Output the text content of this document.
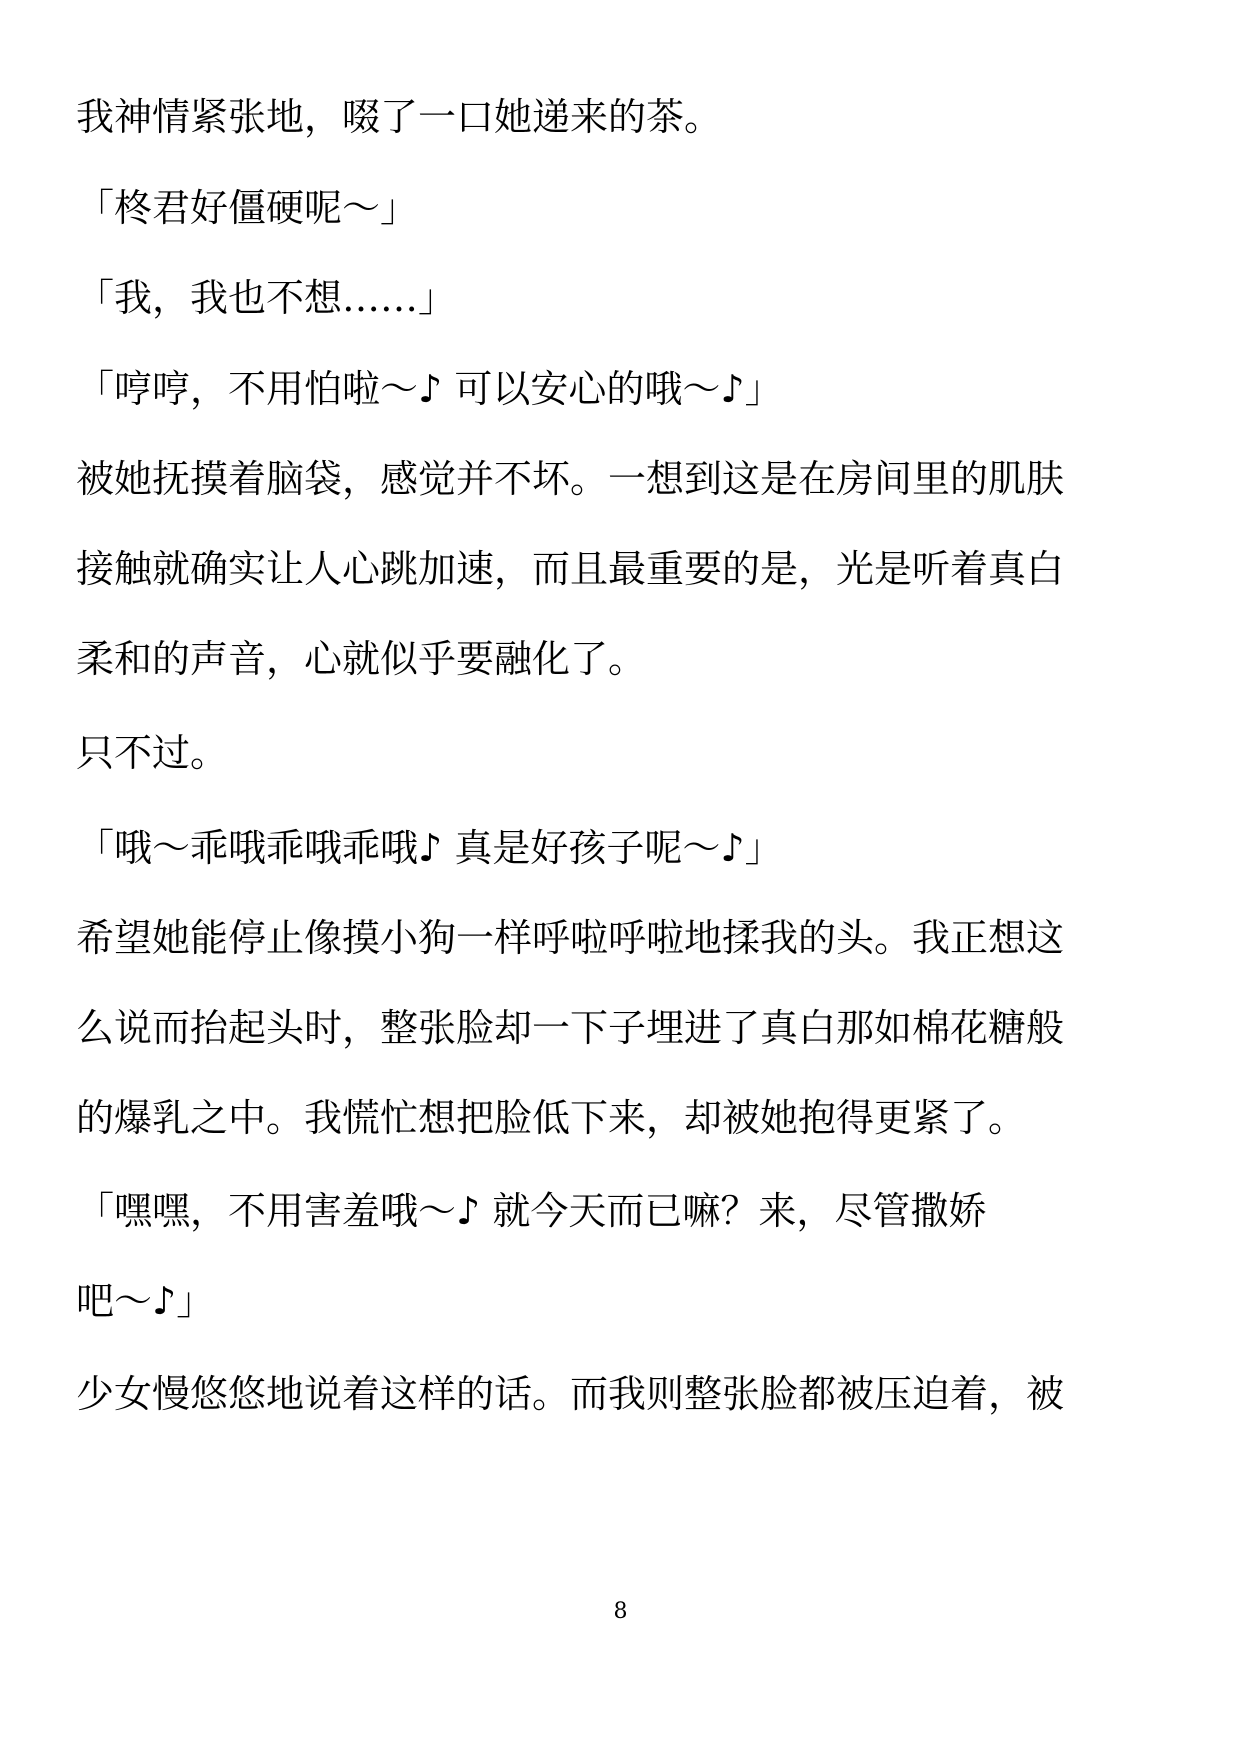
我神情紧张地，啜了一口她递来的茶。

「柊君好僵硬呢～」

「我，我也不想……」

「哼哼，不用怕啦～♪ 可以安心的哦～♪」

被她抚摸着脑袋，感觉并不坏。一想到这是在房间里的肌肤

接触就确实让人心跳加速，而且最重要的是，光是听着真白

柔和的声音，心就似乎要融化了。

只不过。

「哦～乖哦乖哦乖哦♪ 真是好孩子呢～♪」

希望她能停止像摸小狗一样呼啦呼啦地揉我的头。我正想这

么说而抬起头时，整张脸却一下子埋进了真白那如棉花糖般

的爆乳之中。我慌忙想把脸低下来，却被她抱得更紧了。

「嘿嘿，不用害羞哦～♪ 就今天而已嘛？来，尽管撒娇

吧～♪」

少女慢悠悠地说着这样的话。而我则整张脸都被压迫着，被

8
